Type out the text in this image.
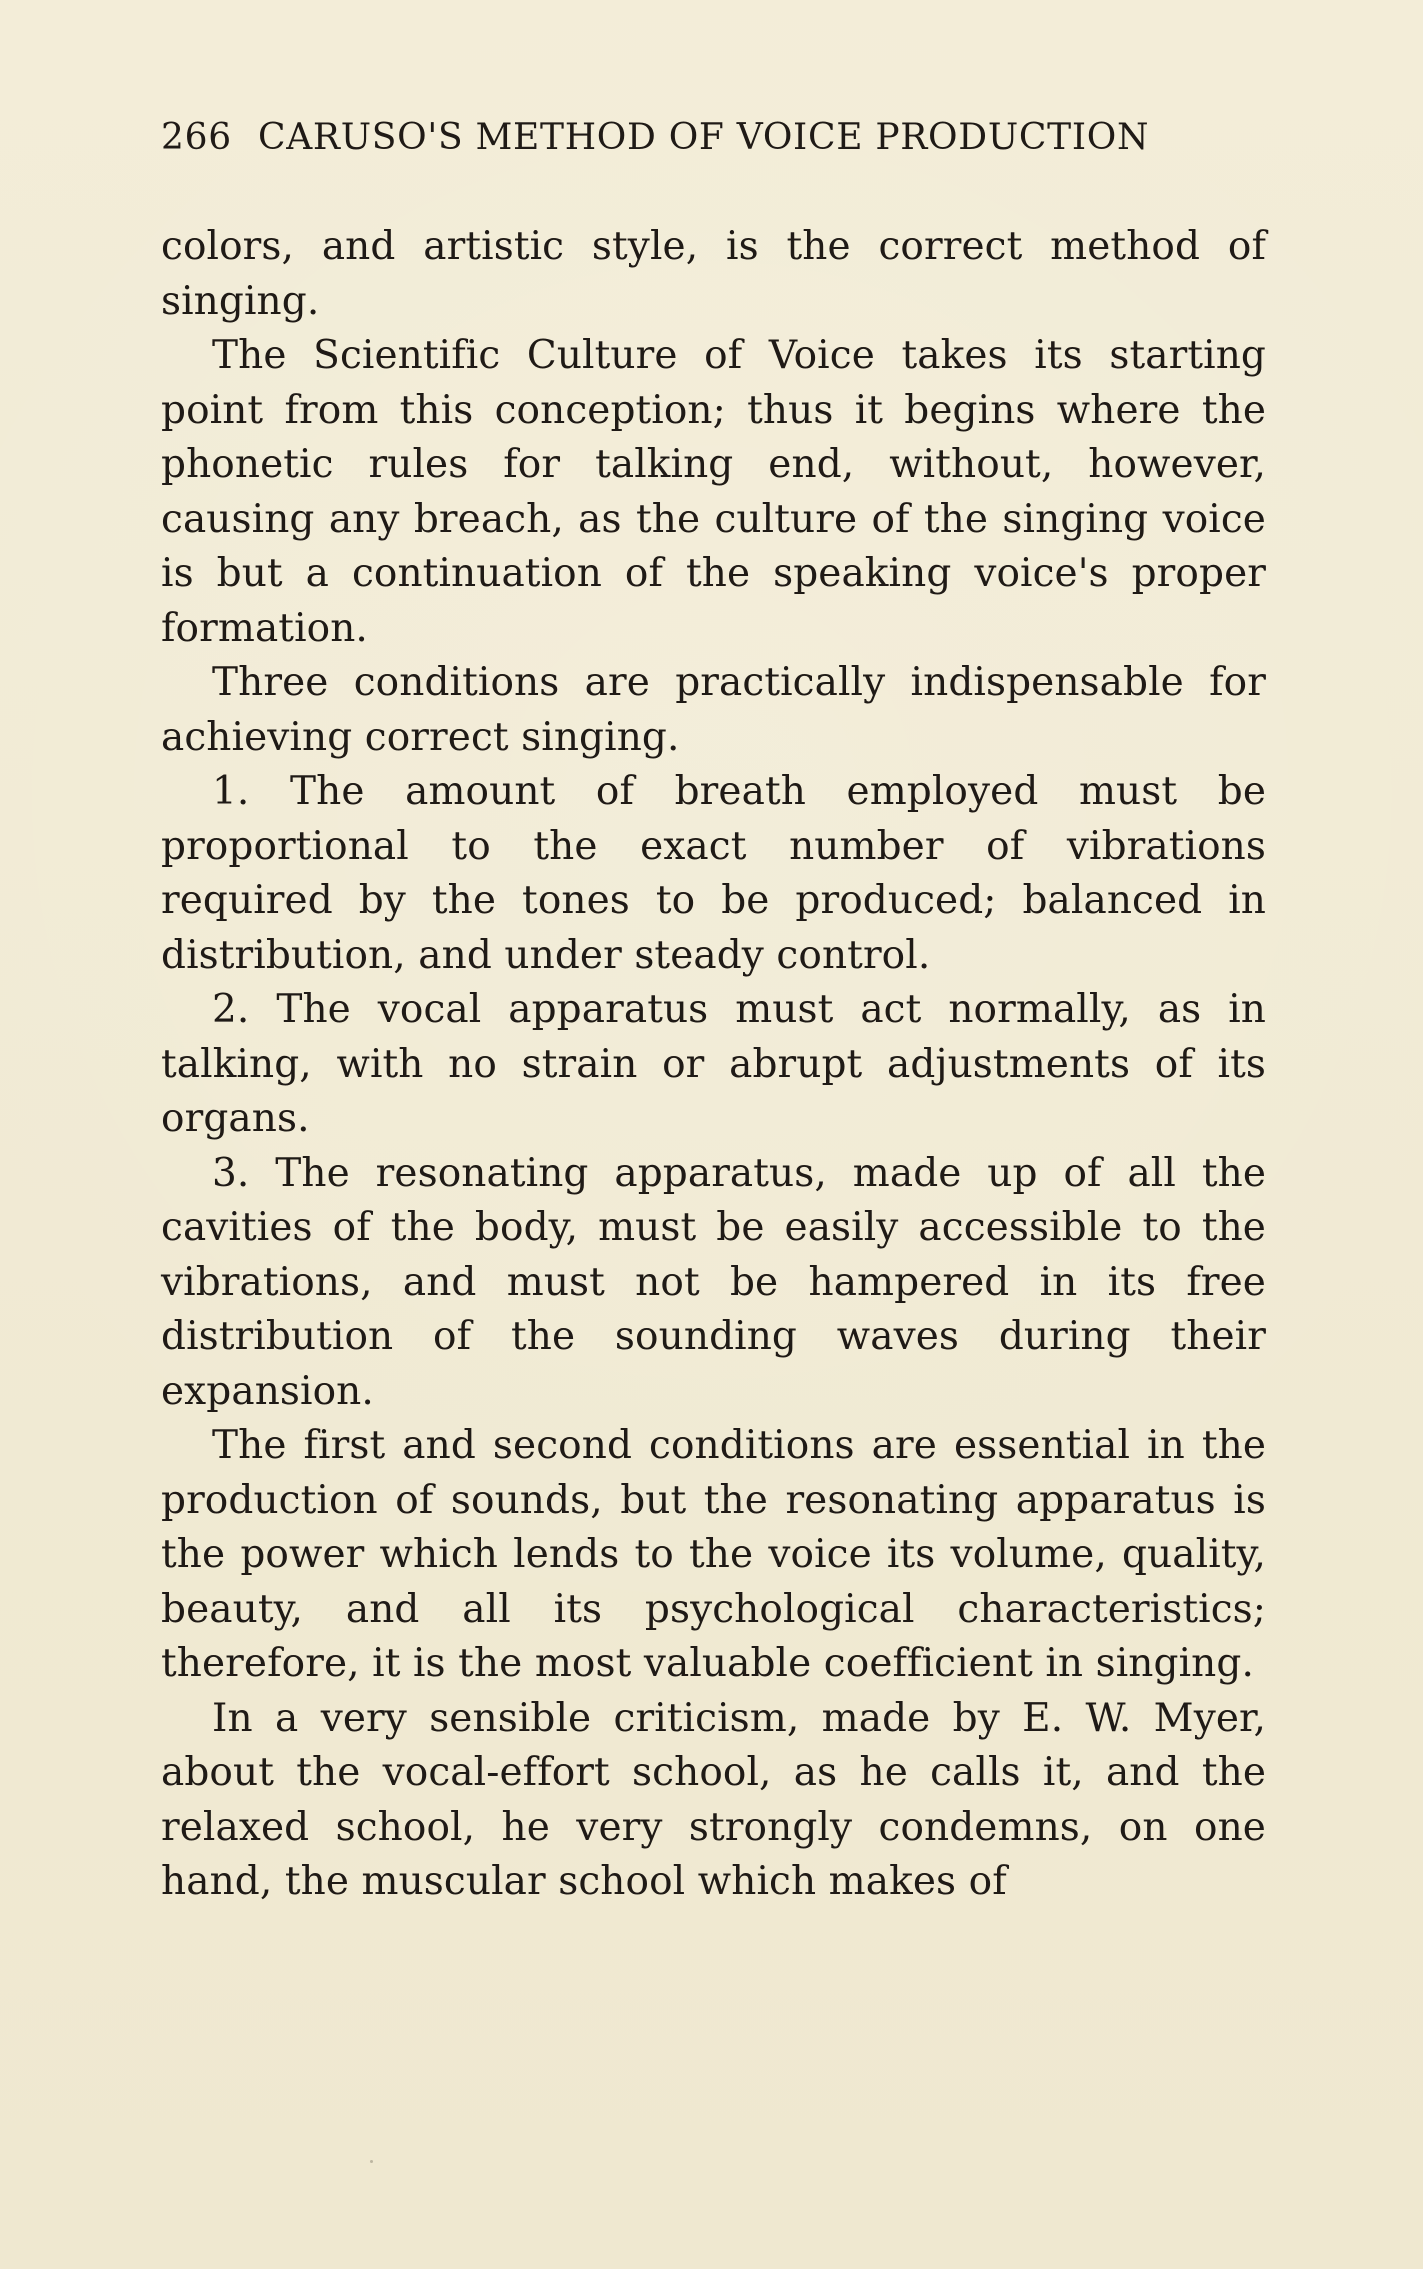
266 CARUSO'S METHOD OF VOICE PRODUCTION

colors, and artistic style, is the correct method of singing.

The Scientific Culture of Voice takes its starting point from this conception; thus it begins where the phonetic rules for talking end, without, however, causing any breach, as the culture of the singing voice is but a continuation of the speaking voice's proper formation.

Three conditions are practically indispensable for achieving correct singing.

1. The amount of breath employed must be proportional to the exact number of vibrations required by the tones to be produced; balanced in distribution, and under steady control.

2. The vocal apparatus must act normally, as in talking, with no strain or abrupt adjustments of its organs.

3. The resonating apparatus, made up of all the cavities of the body, must be easily accessible to the vibrations, and must not be hampered in its free distribution of the sounding waves during their expansion.

The first and second conditions are essential in the production of sounds, but the resonating apparatus is the power which lends to the voice its volume, quality, beauty, and all its psychological characteristics; therefore, it is the most valuable coefficient in singing.

In a very sensible criticism, made by E. W. Myer, about the vocal-effort school, as he calls it, and the relaxed school, he very strongly condemns, on one hand, the muscular school which makes of
